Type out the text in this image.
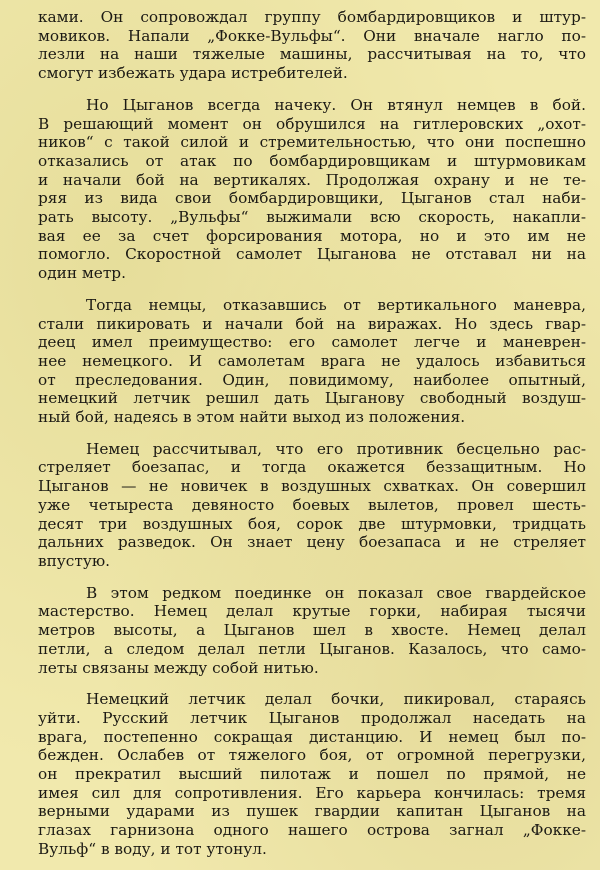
ками. Он сопровождал группу бомбардировщиков и штур-
мовиков. Напали „Фокке-Вульфы“. Они вначале нагло по-
лезли на наши тяжелые машины, рассчитывая на то, что
смогут избежать удара истребителей.
Но Цыганов всегда начеку. Он втянул немцев в бой.
В решающий момент он обрушился на гитлеровских „охот-
ников“ с такой силой и стремительностью, что они поспешно
отказались от атак по бомбардировщикам и штурмовикам
и начали бой на вертикалях. Продолжая охрану и не те-
ряя из вида свои бомбардировщики, Цыганов стал наби-
рать высоту. „Вульфы“ выжимали всю скорость, накапли-
вая ее за счет форсирования мотора, но и это им не
помогло. Скоростной самолет Цыганова не отставал ни на
один метр.
Тогда немцы, отказавшись от вертикального маневра,
стали пикировать и начали бой на виражах. Но здесь гвар-
деец имел преимущество: его самолет легче и маневрен-
нее немецкого. И самолетам врага не удалось избавиться
от преследования. Один, повидимому, наиболее опытный,
немецкий летчик решил дать Цыганову свободный воздуш-
ный бой, надеясь в этом найти выход из положения.
Немец рассчитывал, что его противник бесцельно рас-
стреляет боезапас, и тогда окажется беззащитным. Но
Цыганов — не новичек в воздушных схватках. Он совершил
уже четыреста девяносто боевых вылетов, провел шесть-
десят три воздушных боя, сорок две штурмовки, тридцать
дальних разведок. Он знает цену боезапаса и не стреляет
впустую.
В этом редком поединке он показал свое гвардейское
мастерство. Немец делал крутые горки, набирая тысячи
метров высоты, а Цыганов шел в хвосте. Немец делал
петли, а следом делал петли Цыганов. Казалось, что само-
леты связаны между собой нитью.
Немецкий летчик делал бочки, пикировал, стараясь
уйти. Русский летчик Цыганов продолжал наседать на
врага, постепенно сокращая дистанцию. И немец был по-
бежден. Ослабев от тяжелого боя, от огромной перегрузки,
он прекратил высший пилотаж и пошел по прямой, не
имея сил для сопротивления. Его карьера кончилась: тремя
верными ударами из пушек гвардии капитан Цыганов на
глазах гарнизона одного нашего острова загнал „Фокке-
Вульф“ в воду, и тот утонул.
